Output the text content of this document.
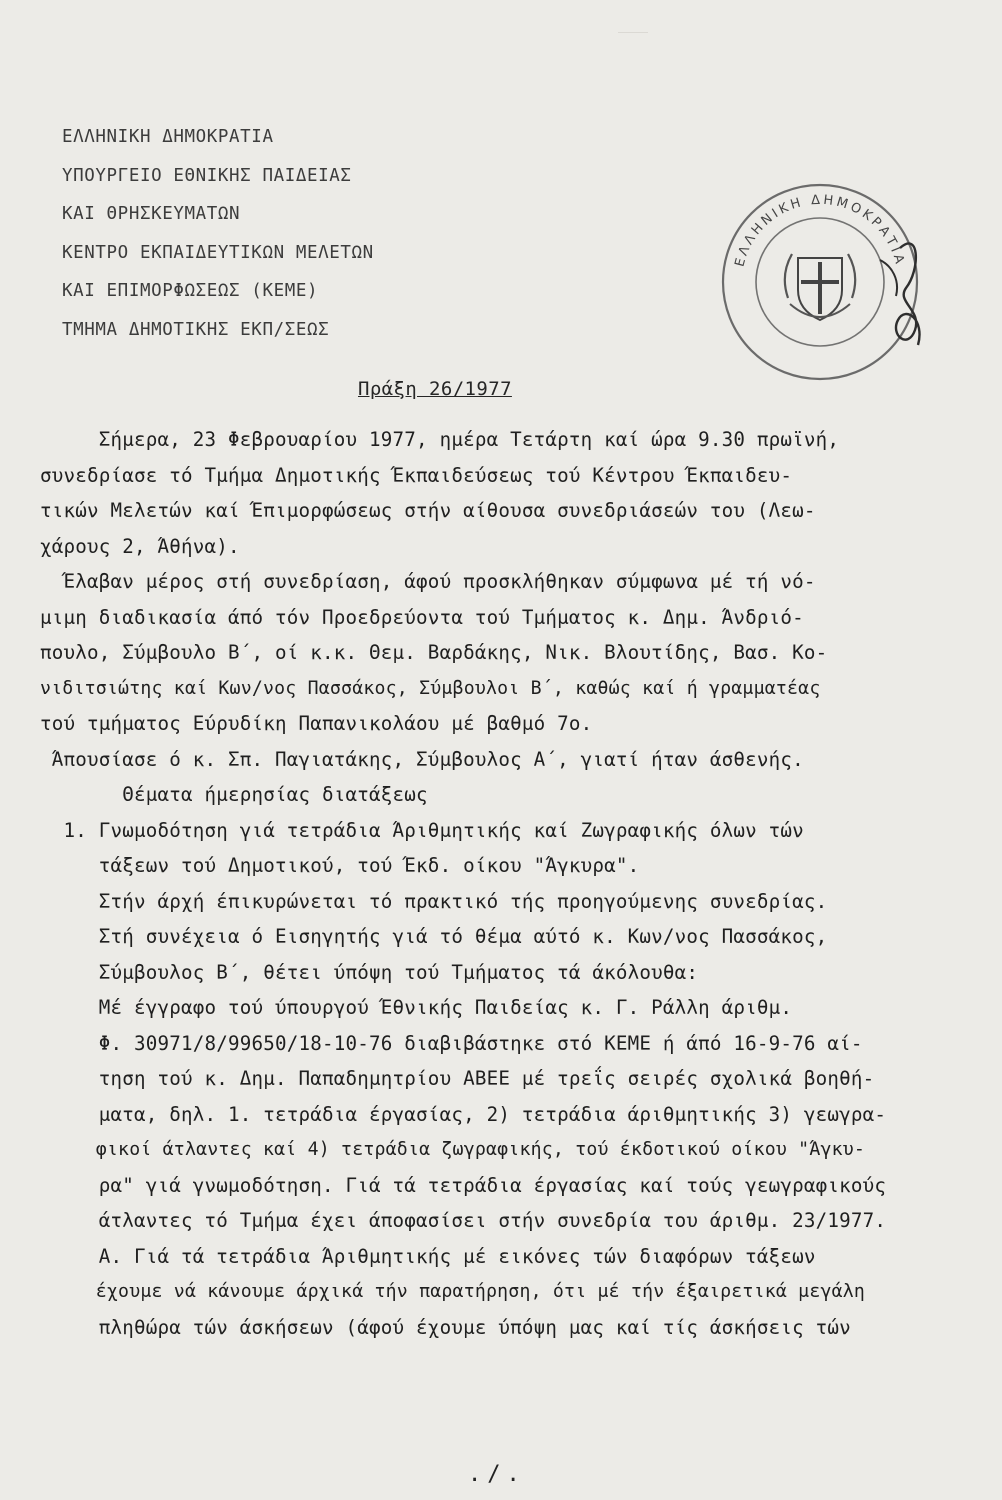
ΕΛΛΗΝΙΚΗ ΔΗΜΟΚΡΑΤΙΑ
ΥΠΟΥΡΓΕΙΟ ΕΘΝΙΚΗΣ ΠΑΙΔΕΙΑΣ
ΚΑΙ ΘΡΗΣΚΕΥΜΑΤΩΝ
ΚΕΝΤΡΟ ΕΚΠΑΙΔΕΥΤΙΚΩΝ ΜΕΛΕΤΩΝ
ΚΑΙ ΕΠΙΜΟΡΦΩΣΕΩΣ (ΚΕΜΕ)
ΤΜΗΜΑ ΔΗΜΟΤΙΚΗΣ ΕΚΠ/ΣΕΩΣ
ΕΛΛΗΝΙΚΗ ΔΗΜΟΚΡΑΤΙΑ
Πράξη 26/1977
Σήμερα, 23 Φεβρουαρίου 1977, ημέρα Τετάρτη καί ώρα 9.30 πρωϊνή,
συνεδρίασε τό Τμήμα Δημοτικής Έκπαιδεύσεως τού Κέντρου Έκπαιδευ-
τικών Μελετών καί Έπιμορφώσεως στήν αίθουσα συνεδριάσεών του (Λεω-
χάρους 2, Άθήνα).
Έλαβαν μέρος στή συνεδρίαση, άφού προσκλήθηκαν σύμφωνα μέ τή νό-
μιμη διαδικασία άπό τόν Προεδρεύοντα τού Τμήματος κ. Δημ. Άνδριό-
πουλο, Σύμβουλο Β΄, οί κ.κ. Θεμ. Βαρδάκης, Νικ. Βλουτίδης, Βασ. Κο-
νιδιτσιώτης καί Κων/νος Πασσάκος, Σύμβουλοι Β΄, καθώς καί ή γραμματέας
τού τμήματος Εύρυδίκη Παπανικολάου μέ βαθμό 7ο.
Άπουσίασε ό κ. Σπ. Παγιατάκης, Σύμβουλος Α΄, γιατί ήταν άσθενής.
Θέματα ήμερησίας διατάξεως
1. Γνωμοδότηση γιά τετράδια Άριθμητικής καί Ζωγραφικής όλων τών
τάξεων τού Δημοτικού, τού Έκδ. οίκου "Άγκυρα".
Στήν άρχή έπικυρώνεται τό πρακτικό τής προηγούμενης συνεδρίας.
Στή συνέχεια ό Εισηγητής γιά τό θέμα αύτό κ. Κων/νος Πασσάκος,
Σύμβουλος Β΄, θέτει ύπόψη τού Τμήματος τά άκόλουθα:
Μέ έγγραφο τού ύπουργού Έθνικής Παιδείας κ. Γ. Ράλλη άριθμ.
Φ. 30971/8/99650/18-10-76 διαβιβάστηκε στό ΚΕΜΕ ή άπό 16-9-76 αί-
τηση τού κ. Δημ. Παπαδημητρίου ΑΒΕΕ μέ τρεΐς σειρές σχολικά βοηθή-
ματα, δηλ. 1. τετράδια έργασίας, 2) τετράδια άριθμητικής 3) γεωγρα-
φικοί άτλαντες καί 4) τετράδια ζωγραφικής, τού έκδοτικού οίκου "Άγκυ-
ρα" γιά γνωμοδότηση. Γιά τά τετράδια έργασίας καί τούς γεωγραφικούς
άτλαντες τό Τμήμα έχει άποφασίσει στήν συνεδρία του άριθμ. 23/1977.
Α. Γιά τά τετράδια Άριθμητικής μέ εικόνες τών διαφόρων τάξεων
έχουμε νά κάνουμε άρχικά τήν παρατήρηση, ότι μέ τήν έξαιρετικά μεγάλη
πληθώρα τών άσκήσεων (άφού έχουμε ύπόψη μας καί τίς άσκήσεις τών
./.
